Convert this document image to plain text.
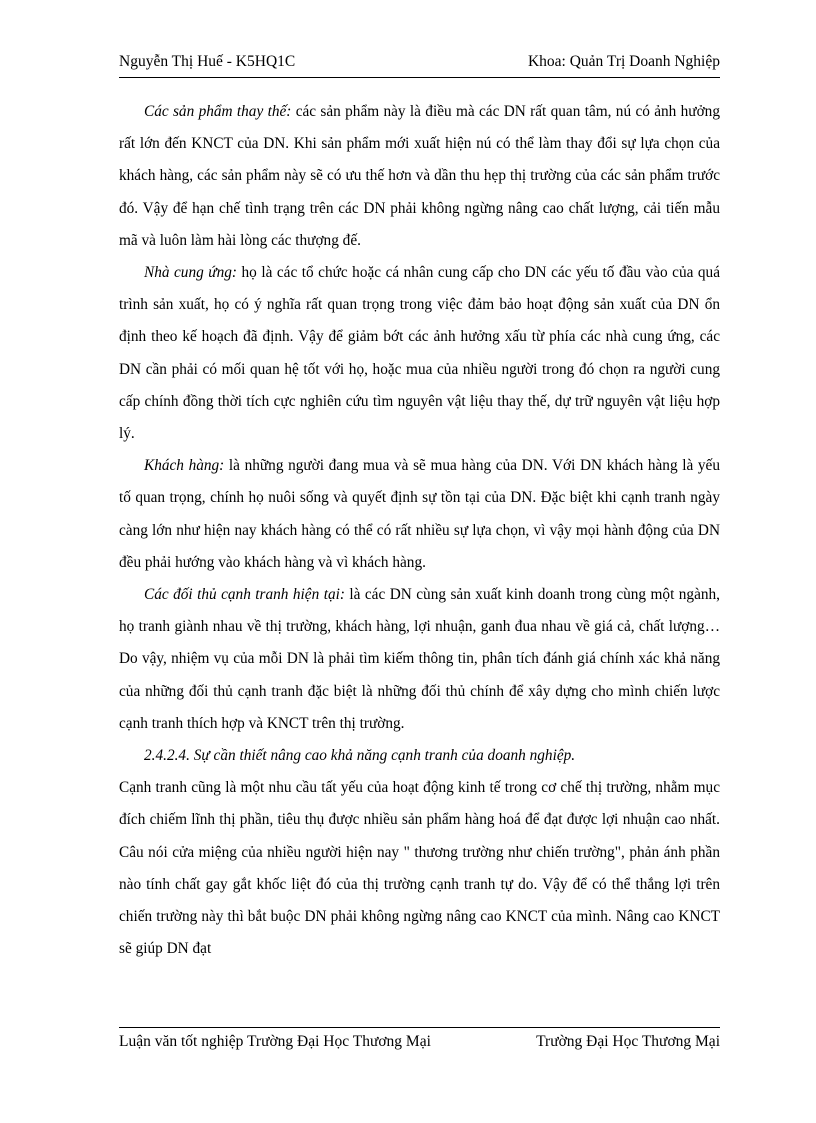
Nguyễn Thị Huế - K5HQ1C	Khoa: Quản Trị Doanh Nghiệp

Các sản phẩm thay thế: các sản phẩm này là điều mà các DN rất quan tâm, nú có ảnh hưởng rất lớn đến KNCT của DN. Khi sản phẩm mới xuất hiện nú có thể làm thay đổi sự lựa chọn của khách hàng, các sản phẩm này sẽ có ưu thế hơn và dần thu hẹp thị trường của các sản phẩm trước đó. Vậy để hạn chế tình trạng trên các DN phải không ngừng nâng cao chất lượng, cải tiến mẫu mã và luôn làm hài lòng các thượng đế.

Nhà cung ứng: họ là các tổ chức hoặc cá nhân cung cấp cho DN các yếu tố đầu vào của quá trình sản xuất, họ có ý nghĩa rất quan trọng trong việc đảm bảo hoạt động sản xuất của DN ổn định theo kế hoạch đã định. Vậy để giảm bớt các ảnh hưởng xấu từ phía các nhà cung ứng, các DN cần phải có mối quan hệ tốt với họ, hoặc mua của nhiều người trong đó chọn ra người cung cấp chính đồng thời tích cực nghiên cứu tìm nguyên vật liệu thay thế, dự trữ nguyên vật liệu hợp lý.

Khách hàng: là những người đang mua và sẽ mua hàng của DN. Với DN khách hàng là yếu tố quan trọng, chính họ nuôi sống và quyết định sự tồn tại của DN. Đặc biệt khi cạnh tranh ngày càng lớn như hiện nay khách hàng có thể có rất nhiều sự lựa chọn, vì vậy mọi hành động của DN đều phải hướng vào khách hàng và vì khách hàng.

Các đối thủ cạnh tranh hiện tại: là các DN cùng sản xuất kinh doanh trong cùng một ngành, họ tranh giành nhau về thị trường, khách hàng, lợi nhuận, ganh đua nhau về giá cả, chất lượng…Do vậy, nhiệm vụ của mỗi DN là phải tìm kiếm thông tin, phân tích đánh giá chính xác khả năng của những đối thủ cạnh tranh đặc biệt là những đối thủ chính để xây dựng cho mình chiến lược cạnh tranh thích hợp và KNCT trên thị trường.

2.4.2.4. Sự cần thiết nâng cao khả năng cạnh tranh của doanh nghiệp.

Cạnh tranh cũng là một nhu cầu tất yếu của hoạt động kinh tế trong cơ chế thị trường, nhằm mục đích chiếm lĩnh thị phần, tiêu thụ được nhiều sản phẩm hàng hoá để đạt được lợi nhuận cao nhất. Câu nói cửa miệng của nhiều người hiện nay " thương trường như chiến trường", phản ánh phần nào tính chất gay gắt khốc liệt đó của thị trường cạnh tranh tự do. Vậy để có thể thắng lợi trên chiến trường này thì bắt buộc DN phải không ngừng nâng cao KNCT của mình. Nâng cao KNCT sẽ giúp DN đạt

Luận văn tốt nghiệp Trường Đại Học Thương Mại	Trường Đại Học Thương Mại
